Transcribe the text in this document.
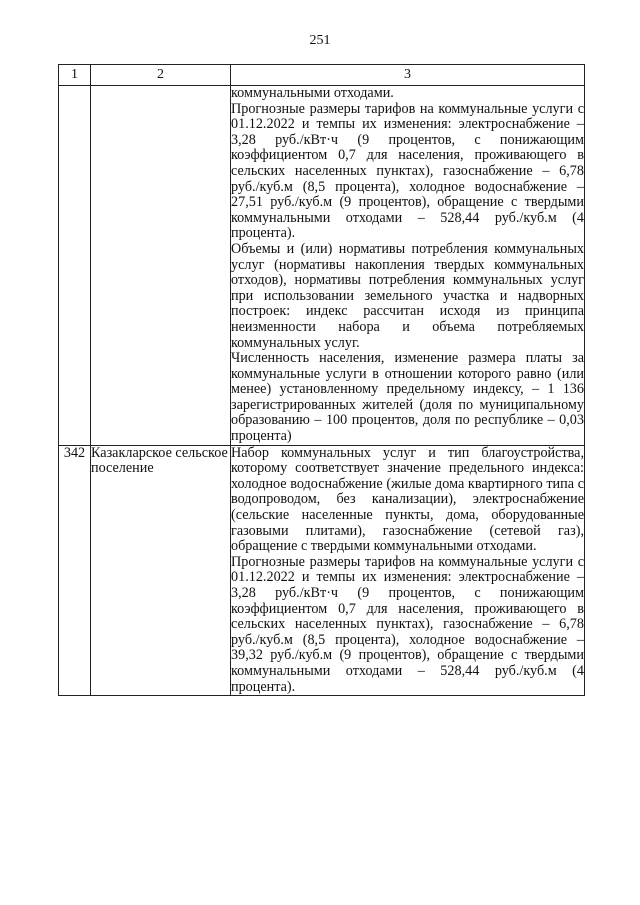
251
1	2	3

		коммунальными отходами.

Прогнозные размеры тарифов на коммунальные услуги с 01.12.2022 и темпы их изменения: электроснабжение – 3,28 руб./кВт·ч (9 процентов, с понижающим коэффициентом 0,7 для населения, проживающего в сельских населенных пунктах), газоснабжение – 6,78 руб./куб.м (8,5 процента), холодное водоснабжение – 27,51 руб./куб.м (9 процентов), обращение с твердыми коммунальными отходами – 528,44 руб./куб.м (4 процента).

Объемы и (или) нормативы потребления коммунальных услуг (нормативы накопления твердых коммунальных отходов), нормативы потребления коммунальных услуг при использовании земельного участка и надворных построек: индекс рассчитан исходя из принципа неизменности набора и объема потребляемых коммунальных услуг.

Численность населения, изменение размера платы за коммунальные услуги в отношении которого равно (или менее) установленному предельному индексу, – 1 136 зарегистрированных жителей (доля по муниципальному образованию – 100 процентов, доля по республике – 0,03 процента)

342	Казакларское сельское поселение	Набор коммунальных услуг и тип благоустройства, которому соответствует значение предельного индекса: холодное водоснабжение (жилые дома квартирного типа с водопроводом, без канализации), электроснабжение (сельские населенные пункты, дома, оборудованные газовыми плитами), газоснабжение (сетевой газ), обращение с твердыми коммунальными отходами.

Прогнозные размеры тарифов на коммунальные услуги с 01.12.2022 и темпы их изменения: электроснабжение – 3,28 руб./кВт·ч (9 процентов, с понижающим коэффициентом 0,7 для населения, проживающего в сельских населенных пунктах), газоснабжение – 6,78 руб./куб.м (8,5 процента), холодное водоснабжение – 39,32 руб./куб.м (9 процентов), обращение с твердыми коммунальными отходами – 528,44 руб./куб.м (4 процента).
